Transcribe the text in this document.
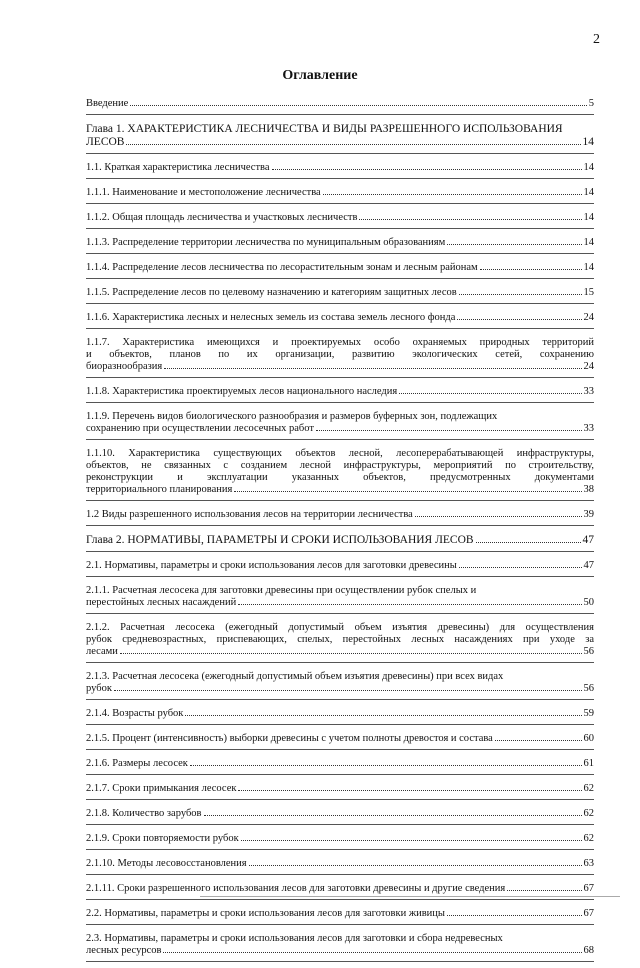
2
Оглавление
Введение	5
Глава 1. ХАРАКТЕРИСТИКА ЛЕСНИЧЕСТВА И ВИДЫ РАЗРЕШЕННОГО ИСПОЛЬЗОВАНИЯ
ЛЕСОВ	14
1.1. Краткая характеристика лесничества	14
1.1.1. Наименование и местоположение лесничества	14
1.1.2. Общая площадь лесничества и участковых лесничеств	14
1.1.3. Распределение территории лесничества по муниципальным образованиям	14
1.1.4. Распределение лесов лесничества по лесорастительным зонам и лесным районам	14
1.1.5. Распределение лесов по целевому назначению и категориям защитных лесов	15
1.1.6. Характеристика лесных и нелесных земель из состава земель лесного фонда	24
1.1.7. Характеристика имеющихся и проектируемых особо охраняемых природных территорий
и объектов, планов по их организации, развитию экологических сетей, сохранению
биоразнообразия	24
1.1.8. Характеристика проектируемых лесов национального наследия	33
1.1.9. Перечень видов биологического разнообразия и размеров буферных зон, подлежащих
сохранению при осуществлении лесосечных работ	33
1.1.10. Характеристика существующих объектов лесной, лесоперерабатывающей инфраструктуры,
объектов, не связанных с созданием лесной инфраструктуры, мероприятий по строительству,
реконструкции и эксплуатации указанных объектов, предусмотренных документами
территориального планирования	38
1.2 Виды разрешенного использования лесов на территории лесничества	39
Глава 2. НОРМАТИВЫ, ПАРАМЕТРЫ И СРОКИ ИСПОЛЬЗОВАНИЯ ЛЕСОВ	47
2.1. Нормативы, параметры и сроки использования лесов для заготовки древесины	47
2.1.1. Расчетная лесосека для заготовки древесины при осуществлении рубок спелых и
перестойных лесных насаждений	50
2.1.2. Расчетная лесосека (ежегодный допустимый объем изъятия древесины) для осуществления
рубок средневозрастных, приспевающих, спелых, перестойных лесных насаждениях при уходе за
лесами	56
2.1.3. Расчетная лесосека (ежегодный допустимый объем изъятия древесины) при всех видах
рубок	56
2.1.4. Возрасты рубок	59
2.1.5. Процент (интенсивность) выборки древесины с учетом полноты древостоя и состава	60
2.1.6. Размеры лесосек	61
2.1.7. Сроки примыкания лесосек	62
2.1.8. Количество зарубов	62
2.1.9. Сроки повторяемости рубок	62
2.1.10. Методы лесовосстановления	63
2.1.11. Сроки разрешенного использования лесов для заготовки древесины и другие сведения	67
2.2. Нормативы, параметры и сроки использования лесов для заготовки живицы	67
2.3. Нормативы, параметры и сроки использования лесов для заготовки и сбора недревесных
лесных ресурсов	68
